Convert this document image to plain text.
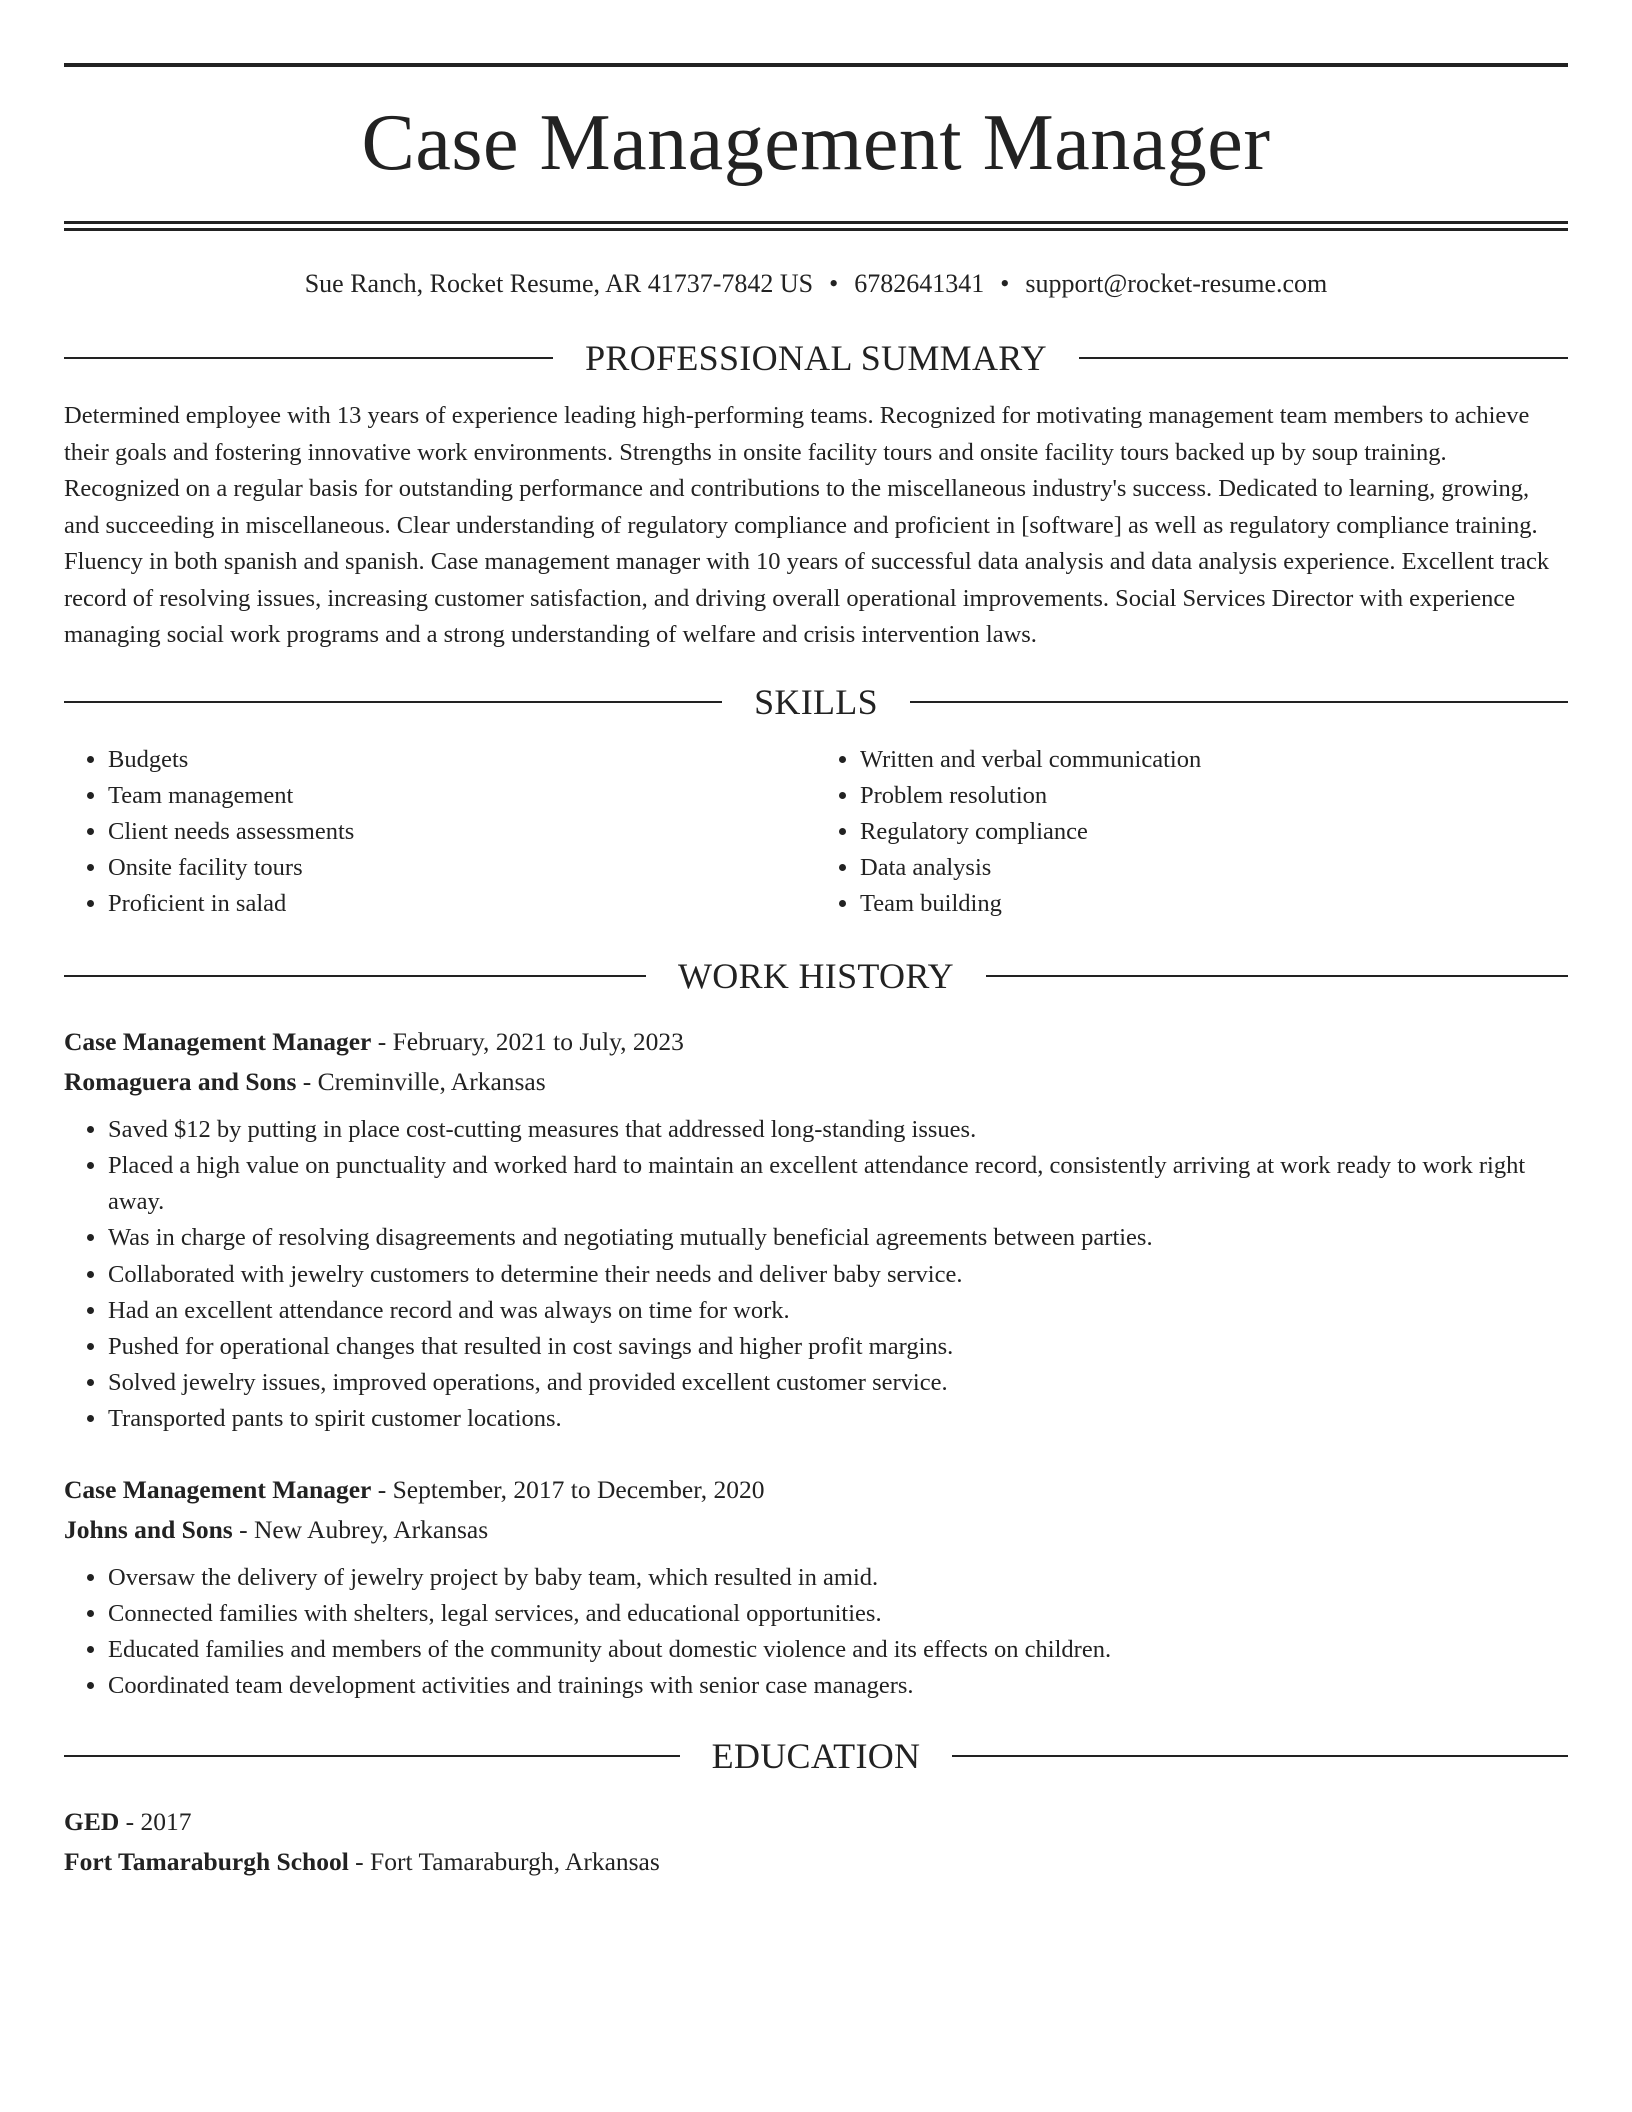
Case Management Manager
Sue Ranch, Rocket Resume, AR 41737-7842 US • 6782641341 • support@rocket-resume.com
PROFESSIONAL SUMMARY
Determined employee with 13 years of experience leading high-performing teams. Recognized for motivating management team members to achieve their goals and fostering innovative work environments. Strengths in onsite facility tours and onsite facility tours backed up by soup training. Recognized on a regular basis for outstanding performance and contributions to the miscellaneous industry's success. Dedicated to learning, growing, and succeeding in miscellaneous. Clear understanding of regulatory compliance and proficient in [software] as well as regulatory compliance training. Fluency in both spanish and spanish. Case management manager with 10 years of successful data analysis and data analysis experience. Excellent track record of resolving issues, increasing customer satisfaction, and driving overall operational improvements. Social Services Director with experience managing social work programs and a strong understanding of welfare and crisis intervention laws.
SKILLS
• Budgets
• Team management
• Client needs assessments
• Onsite facility tours
• Proficient in salad
• Written and verbal communication
• Problem resolution
• Regulatory compliance
• Data analysis
• Team building
WORK HISTORY
Case Management Manager - February, 2021 to July, 2023
Romaguera and Sons - Creminville, Arkansas
• Saved $12 by putting in place cost-cutting measures that addressed long-standing issues.
• Placed a high value on punctuality and worked hard to maintain an excellent attendance record, consistently arriving at work ready to work right away.
• Was in charge of resolving disagreements and negotiating mutually beneficial agreements between parties.
• Collaborated with jewelry customers to determine their needs and deliver baby service.
• Had an excellent attendance record and was always on time for work.
• Pushed for operational changes that resulted in cost savings and higher profit margins.
• Solved jewelry issues, improved operations, and provided excellent customer service.
• Transported pants to spirit customer locations.
Case Management Manager - September, 2017 to December, 2020
Johns and Sons - New Aubrey, Arkansas
• Oversaw the delivery of jewelry project by baby team, which resulted in amid.
• Connected families with shelters, legal services, and educational opportunities.
• Educated families and members of the community about domestic violence and its effects on children.
• Coordinated team development activities and trainings with senior case managers.
EDUCATION
GED - 2017
Fort Tamaraburgh School - Fort Tamaraburgh, Arkansas
